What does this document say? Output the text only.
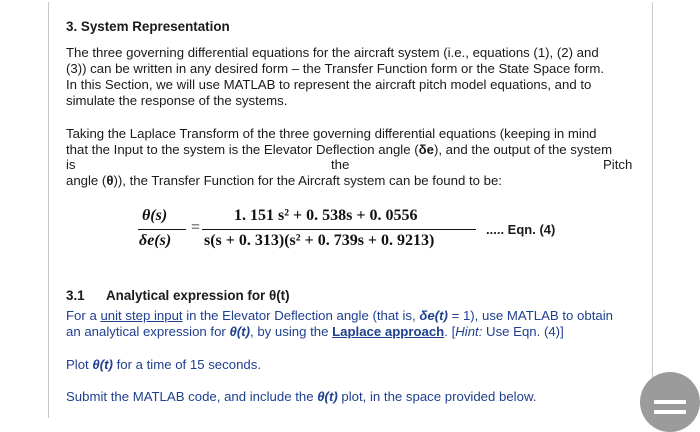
3. System Representation
The three governing differential equations for the aircraft system (i.e., equations (1), (2) and
(3)) can be written in any desired form – the Transfer Function form or the State Space form.
In this Section, we will use MATLAB to represent the aircraft pitch model equations, and to
simulate the response of the systems.
Taking the Laplace Transform of the three governing differential equations (keeping in mind
that the Input to the system is the Elevator Deflection angle (δe), and the output of the system
is	the	Pitch
angle (θ)), the Transfer Function for the Aircraft system can be found to be:
θ(s)
δe(s)
=
1. 151 s² + 0. 538s + 0. 0556
s(s + 0. 313)(s² + 0. 739s + 0. 9213)
..... Eqn. (4)
3.1 Analytical expression for θ(t)
For a unit step input in the Elevator Deflection angle (that is, δe(t) = 1), use MATLAB to obtain
an analytical expression for θ(t), by using the Laplace approach. [Hint: Use Eqn. (4)]
Plot θ(t) for a time of 15 seconds.
Submit the MATLAB code, and include the θ(t) plot, in the space provided below.
